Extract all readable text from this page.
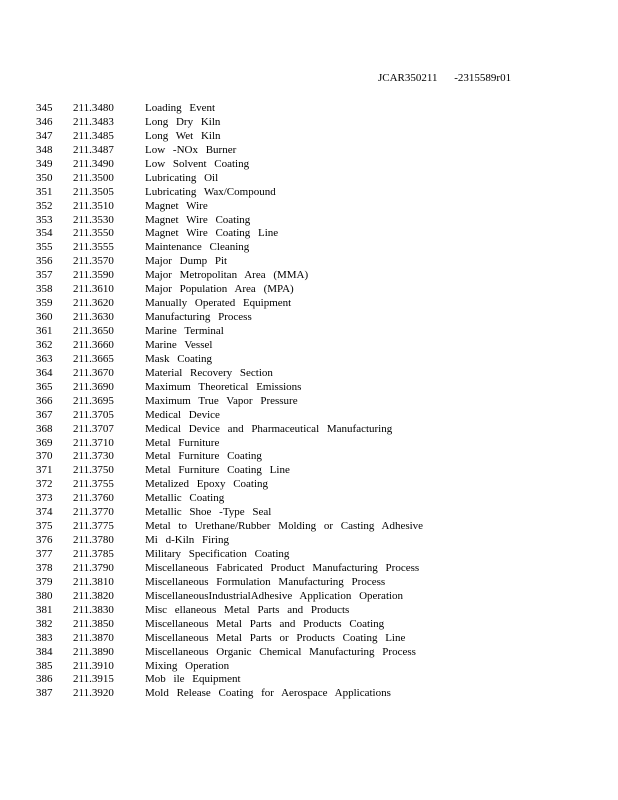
JCAR350211 -2315589r01
345 211.3480	Loading Event
346 211.3483	Long Dry Kiln
347 211.3485	Long Wet Kiln
348 211.3487	Low -NOx Burner
349 211.3490	Low Solvent Coating
350 211.3500	Lubricating Oil
351 211.3505	Lubricating Wax/Compound
352 211.3510	Magnet Wire
353 211.3530	Magnet Wire Coating
354 211.3550	Magnet Wire Coating Line
355 211.3555	Maintenance Cleaning
356 211.3570	Major Dump Pit
357 211.3590	Major Metropolitan Area (MMA)
358 211.3610	Major Population Area (MPA)
359 211.3620	Manually Operated Equipment
360 211.3630	Manufacturing Process
361 211.3650	Marine Terminal
362 211.3660	Marine Vessel
363 211.3665	Mask Coating
364 211.3670	Material Recovery Section
365 211.3690	Maximum Theoretical Emissions
366 211.3695	Maximum True Vapor Pressure
367 211.3705	Medical Device
368 211.3707	Medical Device and Pharmaceutical Manufacturing
369 211.3710	Metal Furniture
370 211.3730	Metal Furniture Coating
371 211.3750	Metal Furniture Coating Line
372 211.3755	Metalized Epoxy Coating
373 211.3760	Metallic Coating
374 211.3770	Metallic Shoe -Type Seal
375 211.3775	Metal to Urethane/Rubber Molding or Casting Adhesive
376 211.3780	Mi d-Kiln Firing
377 211.3785	Military Specification Coating
378 211.3790	Miscellaneous Fabricated Product Manufacturing Process
379 211.3810	Miscellaneous Formulation Manufacturing Process
380 211.3820	MiscellaneousIndustrialAdhesive Application Operation
381 211.3830	Misc ellaneous Metal Parts and Products
382 211.3850	Miscellaneous Metal Parts and Products Coating
383 211.3870	Miscellaneous Metal Parts or Products Coating Line
384 211.3890	Miscellaneous Organic Chemical Manufacturing Process
385 211.3910	Mixing Operation
386 211.3915	Mob ile Equipment
387 211.3920	Mold Release Coating for Aerospace Applications
